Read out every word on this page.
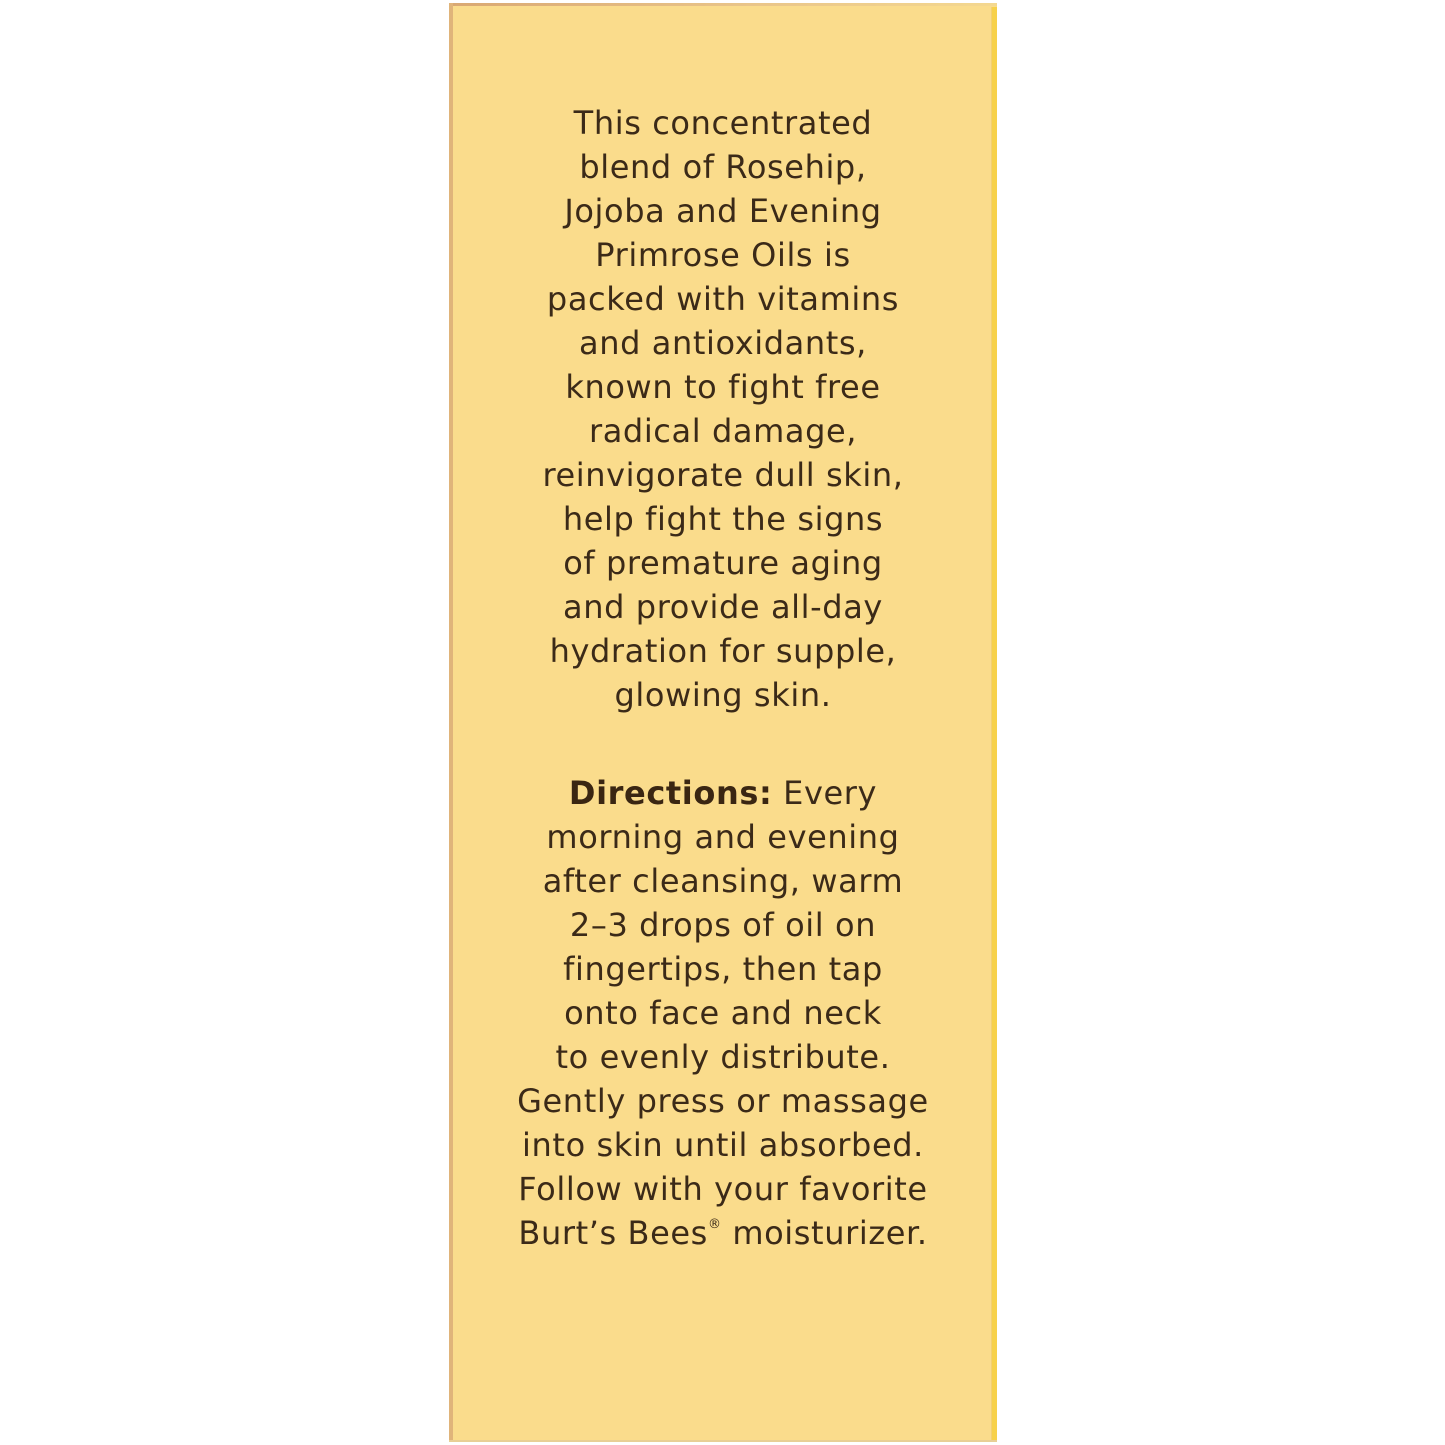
This concentrated
blend of Rosehip,
Jojoba and Evening
Primrose Oils is
packed with vitamins
and antioxidants,
known to fight free
radical damage,
reinvigorate dull skin,
help fight the signs
of premature aging
and provide all-day
hydration for supple,
glowing skin.
Directions: Every
morning and evening
after cleansing, warm
2–3 drops of oil on
fingertips, then tap
onto face and neck
to evenly distribute.
Gently press or massage
into skin until absorbed.
Follow with your favorite
Burt’s Bees® moisturizer.
